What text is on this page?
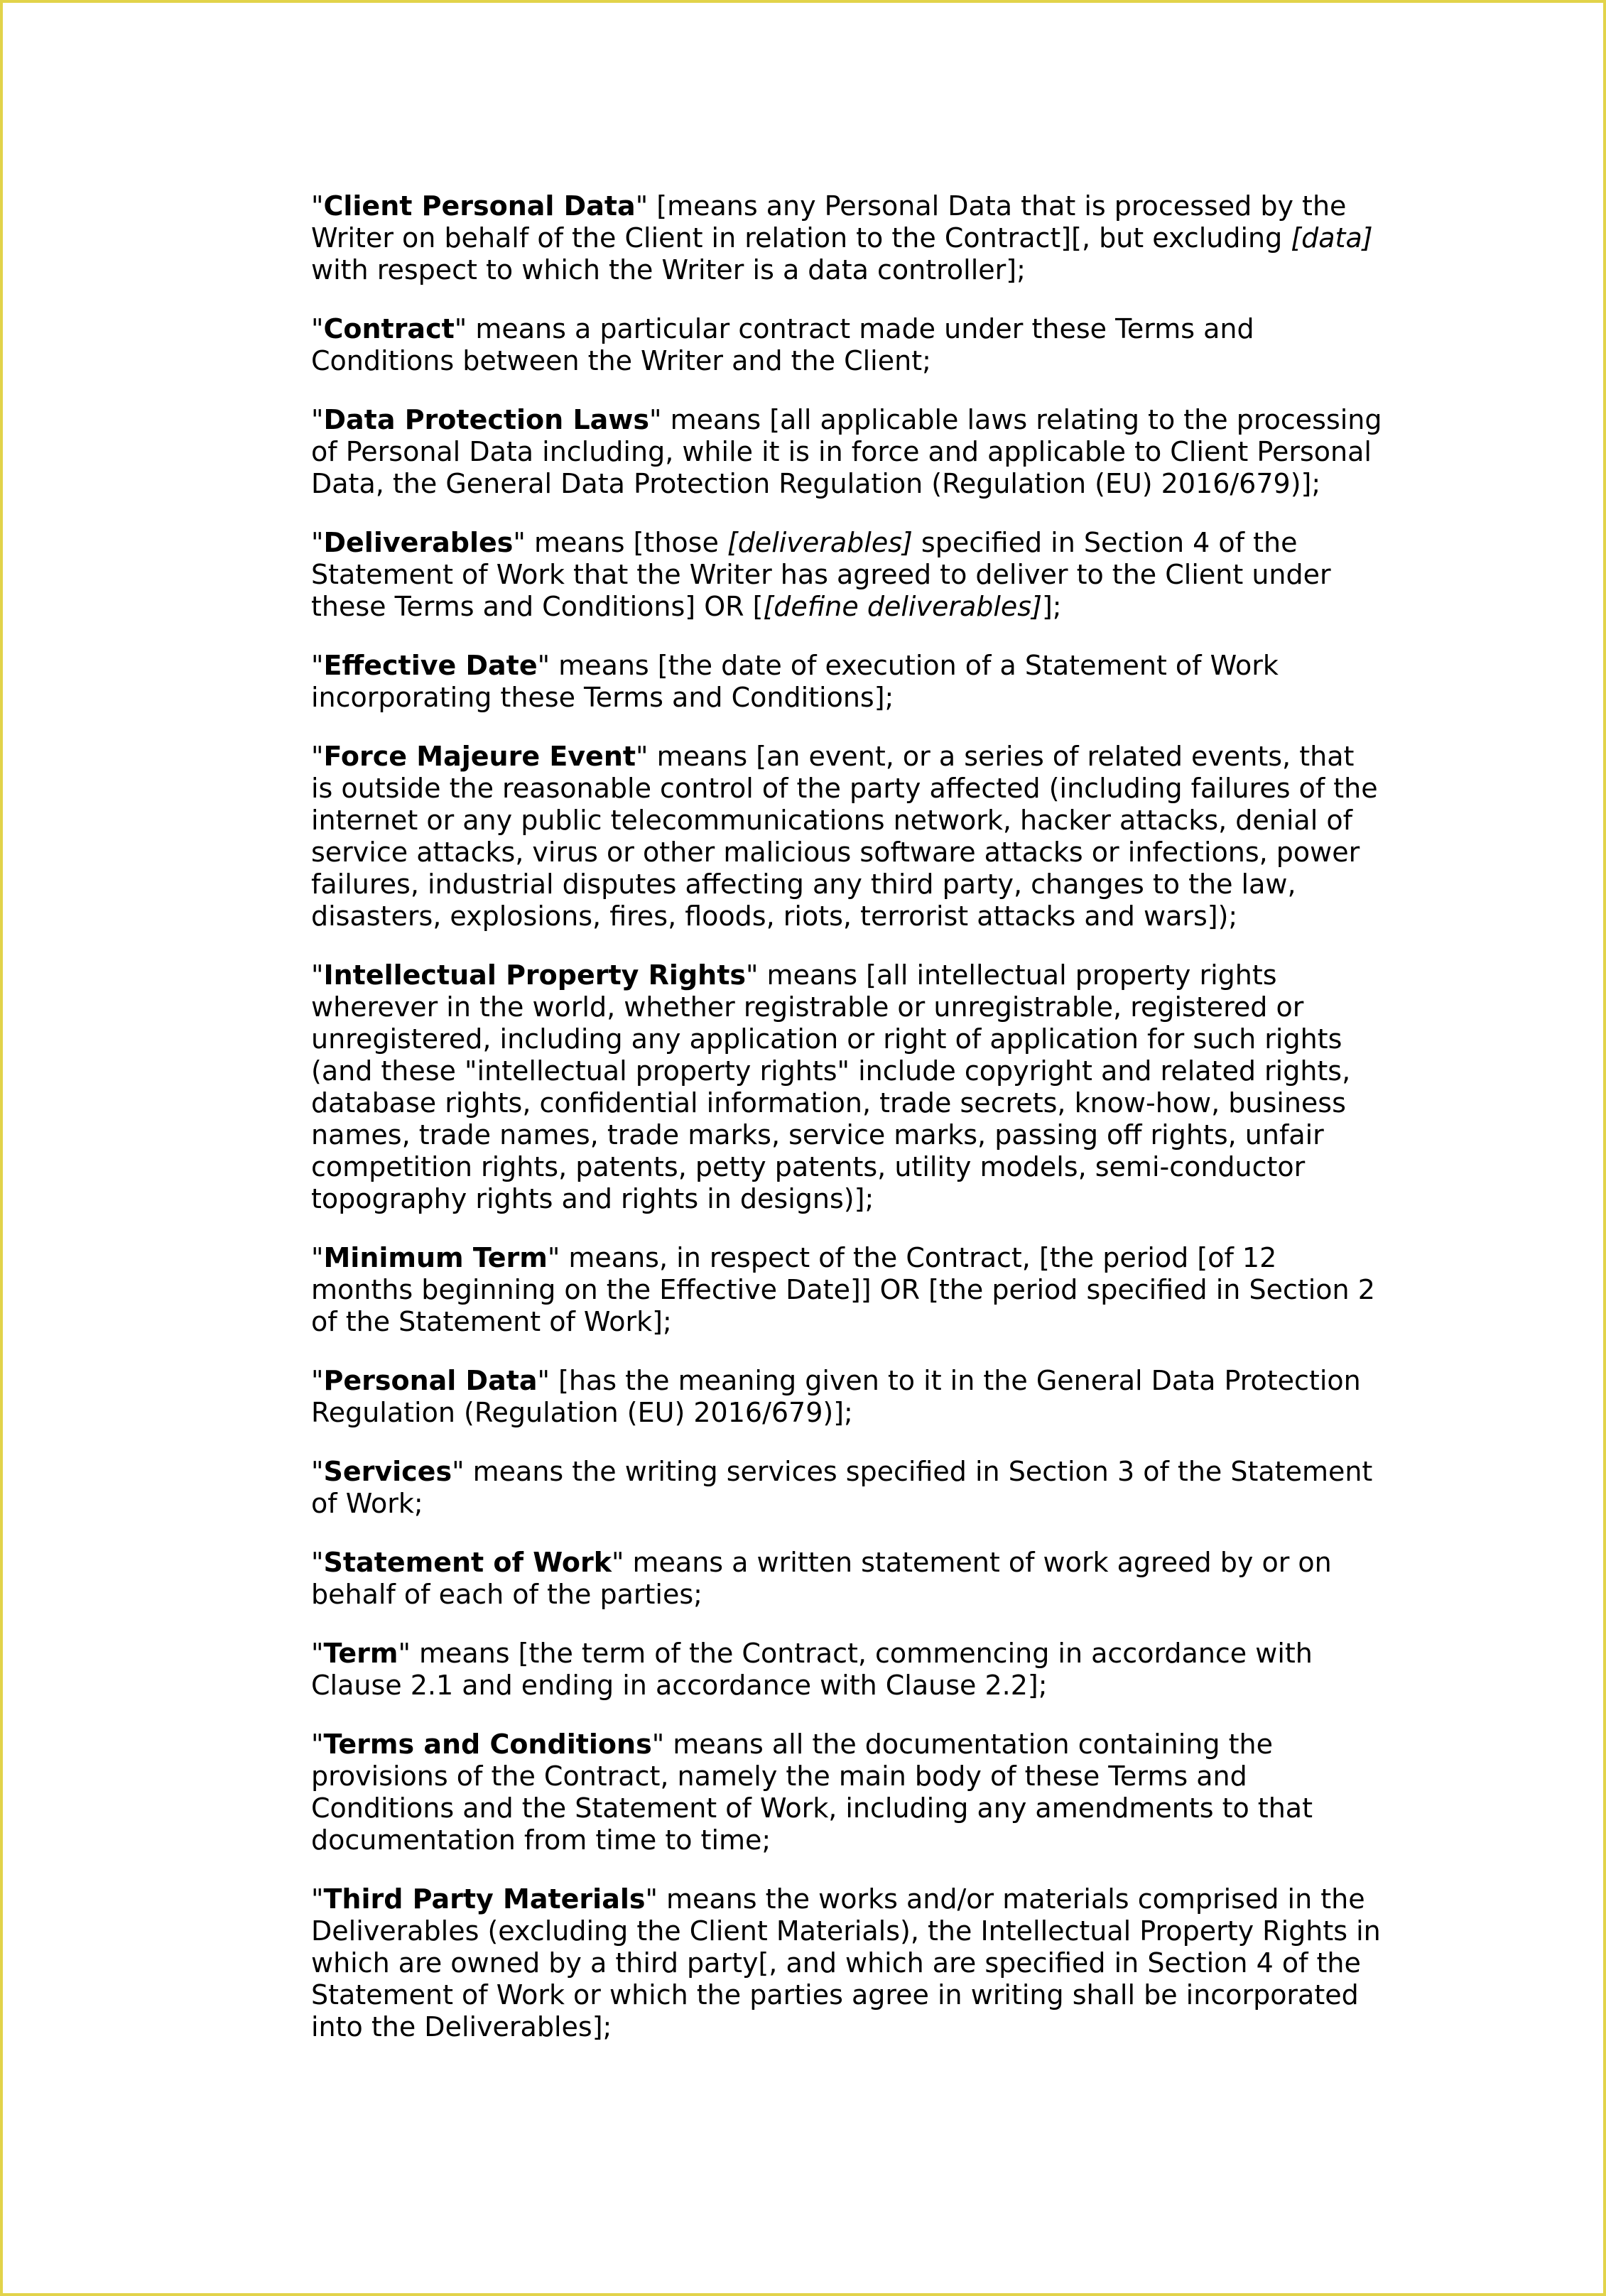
"Client Personal Data" [means any Personal Data that is processed by the Writer on behalf of the Client in relation to the Contract][, but excluding [data] with respect to which the Writer is a data controller];

"Contract" means a particular contract made under these Terms and Conditions between the Writer and the Client;

"Data Protection Laws" means [all applicable laws relating to the processing of Personal Data including, while it is in force and applicable to Client Personal Data, the General Data Protection Regulation (Regulation (EU) 2016/679)];

"Deliverables" means [those [deliverables] specified in Section 4 of the Statement of Work that the Writer has agreed to deliver to the Client under these Terms and Conditions] OR [[define deliverables]];

"Effective Date" means [the date of execution of a Statement of Work incorporating these Terms and Conditions];

"Force Majeure Event" means [an event, or a series of related events, that is outside the reasonable control of the party affected (including failures of the internet or any public telecommunications network, hacker attacks, denial of service attacks, virus or other malicious software attacks or infections, power failures, industrial disputes affecting any third party, changes to the law, disasters, explosions, fires, floods, riots, terrorist attacks and wars]);

"Intellectual Property Rights" means [all intellectual property rights wherever in the world, whether registrable or unregistrable, registered or unregistered, including any application or right of application for such rights (and these "intellectual property rights" include copyright and related rights, database rights, confidential information, trade secrets, know-how, business names, trade names, trade marks, service marks, passing off rights, unfair competition rights, patents, petty patents, utility models, semi-conductor topography rights and rights in designs)];

"Minimum Term" means, in respect of the Contract, [the period [of 12 months beginning on the Effective Date]] OR [the period specified in Section 2 of the Statement of Work];

"Personal Data" [has the meaning given to it in the General Data Protection Regulation (Regulation (EU) 2016/679)];

"Services" means the writing services specified in Section 3 of the Statement of Work;

"Statement of Work" means a written statement of work agreed by or on behalf of each of the parties;

"Term" means [the term of the Contract, commencing in accordance with Clause 2.1 and ending in accordance with Clause 2.2];

"Terms and Conditions" means all the documentation containing the provisions of the Contract, namely the main body of these Terms and Conditions and the Statement of Work, including any amendments to that documentation from time to time;

"Third Party Materials" means the works and/or materials comprised in the Deliverables (excluding the Client Materials), the Intellectual Property Rights in which are owned by a third party[, and which are specified in Section 4 of the Statement of Work or which the parties agree in writing shall be incorporated into the Deliverables];
